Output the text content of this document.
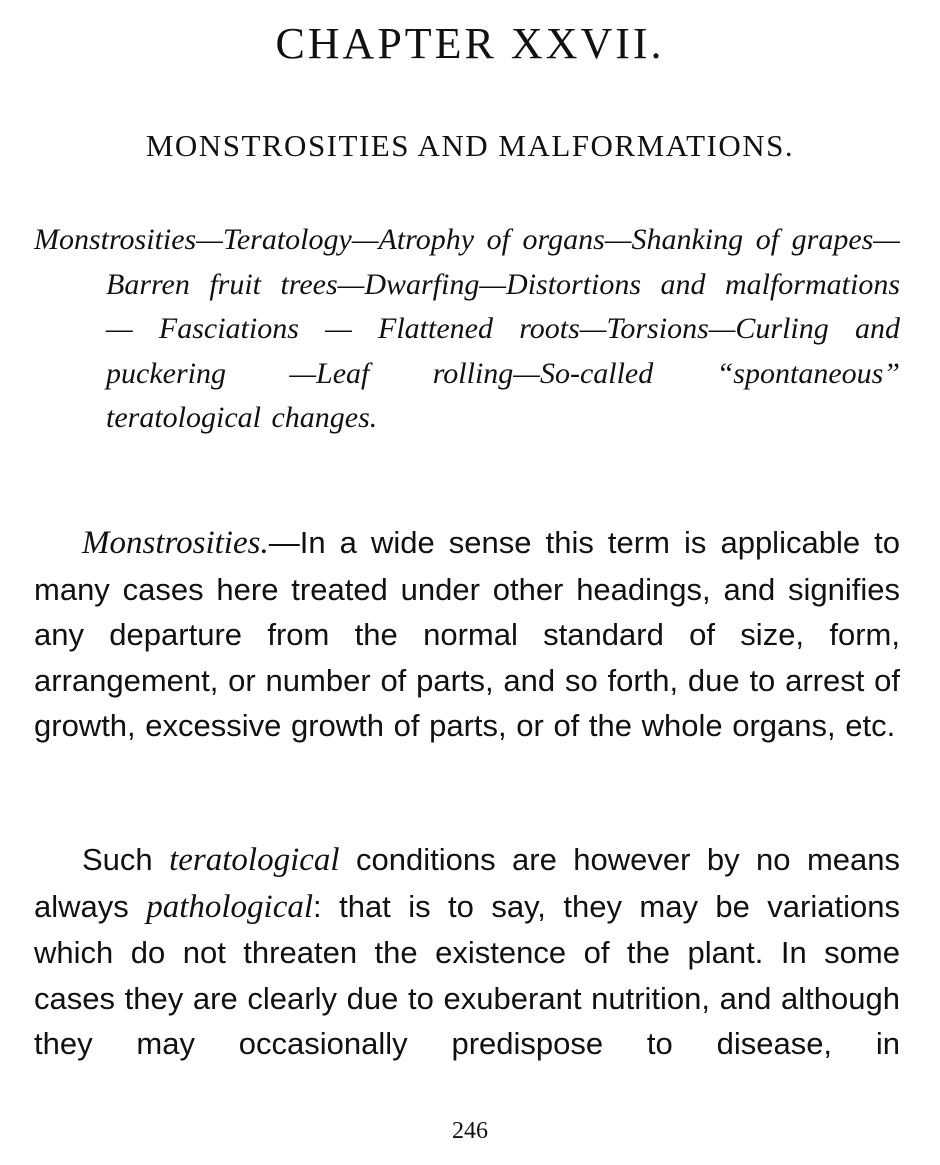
CHAPTER XXVII.
MONSTROSITIES AND MALFORMATIONS.

Monstrosities—Teratology—Atrophy of organs—Shanking of grapes—Barren fruit trees—Dwarfing—Distortions and malformations — Fasciations — Flattened roots—Torsions—Curling and puckering —Leaf rolling—So-called “spontaneous” teratological changes.

Monstrosities.—In a wide sense this term is applicable to many cases here treated under other headings, and signifies any departure from the normal standard of size, form, arrangement, or number of parts, and so forth, due to arrest of growth, excessive growth of parts, or of the whole organs, etc.

Such teratological conditions are however by no means always pathological: that is to say, they may be variations which do not threaten the existence of the plant. In some cases they are clearly due to exuberant nutrition, and although they may occasionally predispose to disease, in

246
